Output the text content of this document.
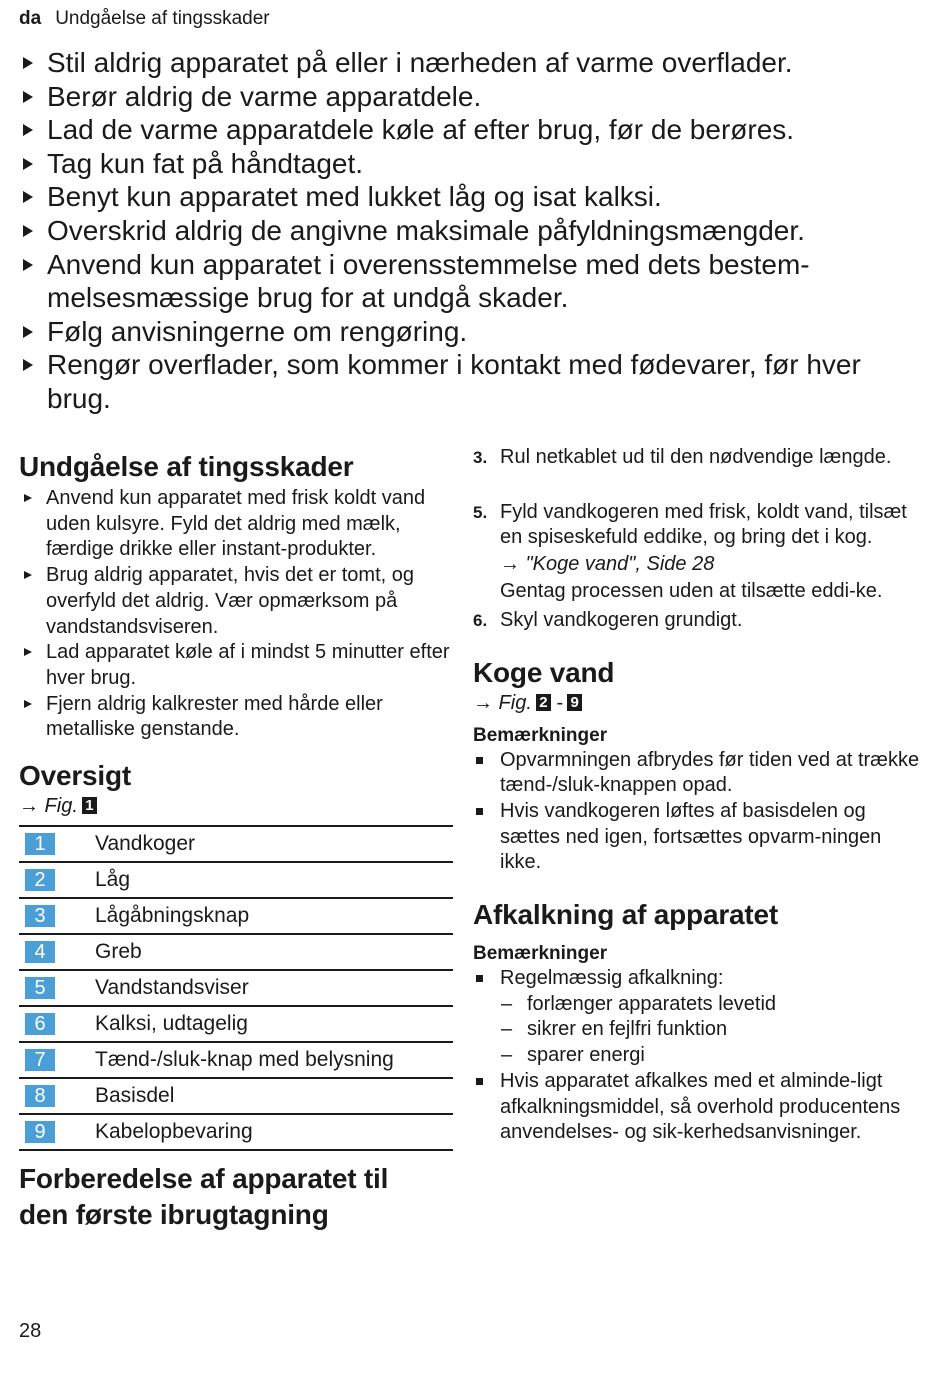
da Undgåelse af tingsskader
Stil aldrig apparatet på eller i nærheden af varme overflader.
Berør aldrig de varme apparatdele.
Lad de varme apparatdele køle af efter brug, før de berøres.
Tag kun fat på håndtaget.
Benyt kun apparatet med lukket låg og isat kalksi.
Overskrid aldrig de angivne maksimale påfyldningsmængder.
Anvend kun apparatet i overensstemmelse med dets bestem-melsesmæssige brug for at undgå skader.
Følg anvisningerne om rengøring.
Rengør overflader, som kommer i kontakt med fødevarer, før hver brug.
Undgåelse af tingsskader
Anvend kun apparatet med frisk koldt vand uden kulsyre. Fyld det aldrig med mælk, færdige drikke eller instant-produkter.
Brug aldrig apparatet, hvis det er tomt, og overfyld det aldrig. Vær opmærksom på vandstandsviseren.
Lad apparatet køle af i mindst 5 minutter efter hver brug.
Fjern aldrig kalkrester med hårde eller metalliske genstande.
Oversigt
→ Fig. 1
1	Vandkoger
2	Låg
3	Lågåbningsknap
4	Greb
5	Vandstandsviser
6	Kalksi, udtagelig
7	Tænd-/sluk-knap med belysning
8	Basisdel
9	Kabelopbevaring
Forberedelse af apparatet til
den første ibrugtagning
3. Rul netkablet ud til den nødvendige længde.
5. Fyld vandkogeren med frisk, koldt vand, tilsæt en spiseskefuld eddike, og bring det i kog.
→ "Koge vand", Side 28
Gentag processen uden at tilsætte eddi-ke.
6. Skyl vandkogeren grundigt.
Koge vand
→ Fig. 2 - 9
Bemærkninger
Opvarmningen afbrydes før tiden ved at trække tænd-/sluk-knappen opad.
Hvis vandkogeren løftes af basisdelen og sættes ned igen, fortsættes opvarm-ningen ikke.
Afkalkning af apparatet
Bemærkninger
Regelmæssig afkalkning:
– forlænger apparatets levetid
– sikrer en fejlfri funktion
– sparer energi
Hvis apparatet afkalkes med et alminde-ligt afkalkningsmiddel, så overhold producentens anvendelses- og sik-kerhedsanvisninger.
28
